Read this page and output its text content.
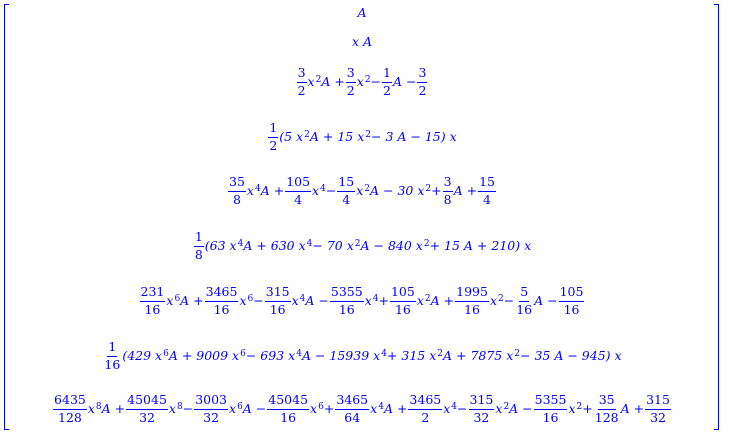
A
x A
$\frac{3}{2} x^2$ $A + \frac{3}{2} x^2 - \frac{1}{2}$ $A - \frac{3}{2}$
$\frac{1}{2} (5$ $x^2$ A + 15 $x^2 - 3$ A − 15) x
$\frac{35}{8} x^4$ $A + \frac{105}{4} x^4 - \frac{15}{4} x^2$ A − 30 $x^2 + \frac{3}{8}$ $A + \frac{15}{4}$
$\frac{1}{8} (63$ $x^4$ A + 630 $x^4 - 70$ $x^2$ A − 840 $x^2 + 15$ A + 210) x
$\frac{231}{16} x^6$ $A + \frac{3465}{16} x^6 - \frac{315}{16} x^4$ $A - \frac{5355}{16} x^4 + \frac{105}{16} x^2$ $A + \frac{1995}{16} x^2 - \frac{5}{16}$ $A - \frac{105}{16}$
$\frac{1}{16} (429$ $x^6$ A + 9009 $x^6 - 693$ $x^4$ A − 15939 $x^4 + 315$ $x^2$ A + 7875 $x^2 - 35$ A − 945) x
$\frac{6435}{128} x^8$ $A + \frac{45045}{32} x^8 - \frac{3003}{32} x^6$ $A - \frac{45045}{16} x^6 + \frac{3465}{64} x^4$ $A + \frac{3465}{2} x^4 - \frac{315}{32} x^2$ $A - \frac{5355}{16} x^2 + \frac{35}{128}$ $A + \frac{315}{32}$
